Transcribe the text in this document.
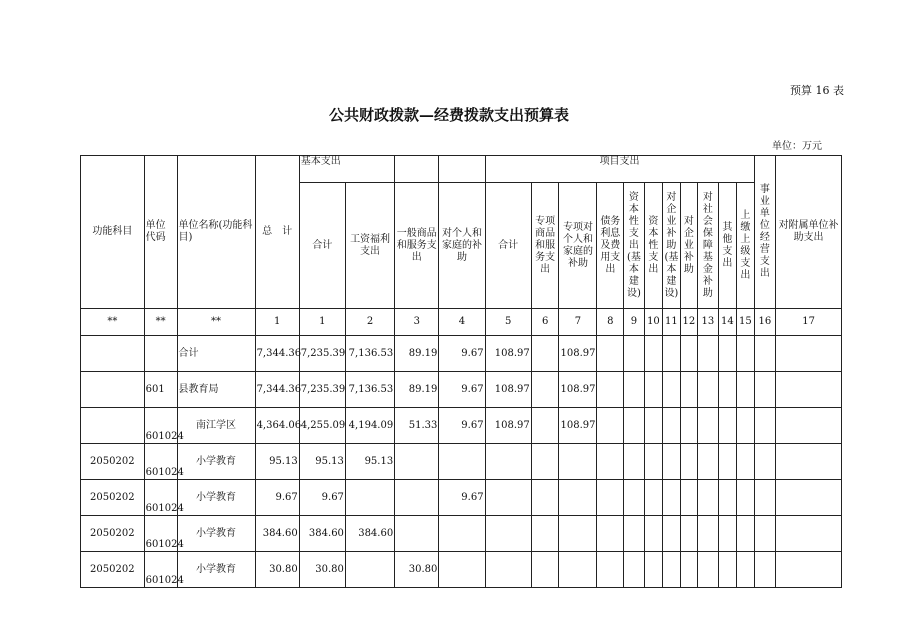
预算 16 表
公共财政拨款—经费拨款支出预算表
单位：万元
功能科目	单位代码	单位名称(功能科目)	总　计	基本支出				项目支出											事业单位经营支出	对附属单位补助支出
				合计	工资福利支出	一般商品和服务支出	对个人和家庭的补助	合计	专项商品和服务支出	专项对个人和家庭的补助	债务利息及费用支出	资本性支出(基本建设)	资本性支出	对企业补助(基本建设)	对企业补助	对社会保障基金补助	其他支出	上缴上级支出		
**	**	**	1	1	2	3	4	5	6	7	8	9	10	11	12	13	14	15	16	17
		合计	7,344.36	7,235.39	7,136.53	89.19	9.67	108.97		108.97										
	601	县教育局	7,344.36	7,235.39	7,136.53	89.19	9.67	108.97		108.97										
	601024	南江学区	4,364.06	4,255.09	4,194.09	51.33	9.67	108.97		108.97										
2050202	601024	小学教育	95.13	95.13	95.13															
2050202	601024	小学教育	9.67	9.67			9.67													
2050202	601024	小学教育	384.60	384.60	384.60															
2050202	601024	小学教育	30.80	30.80		30.80														
